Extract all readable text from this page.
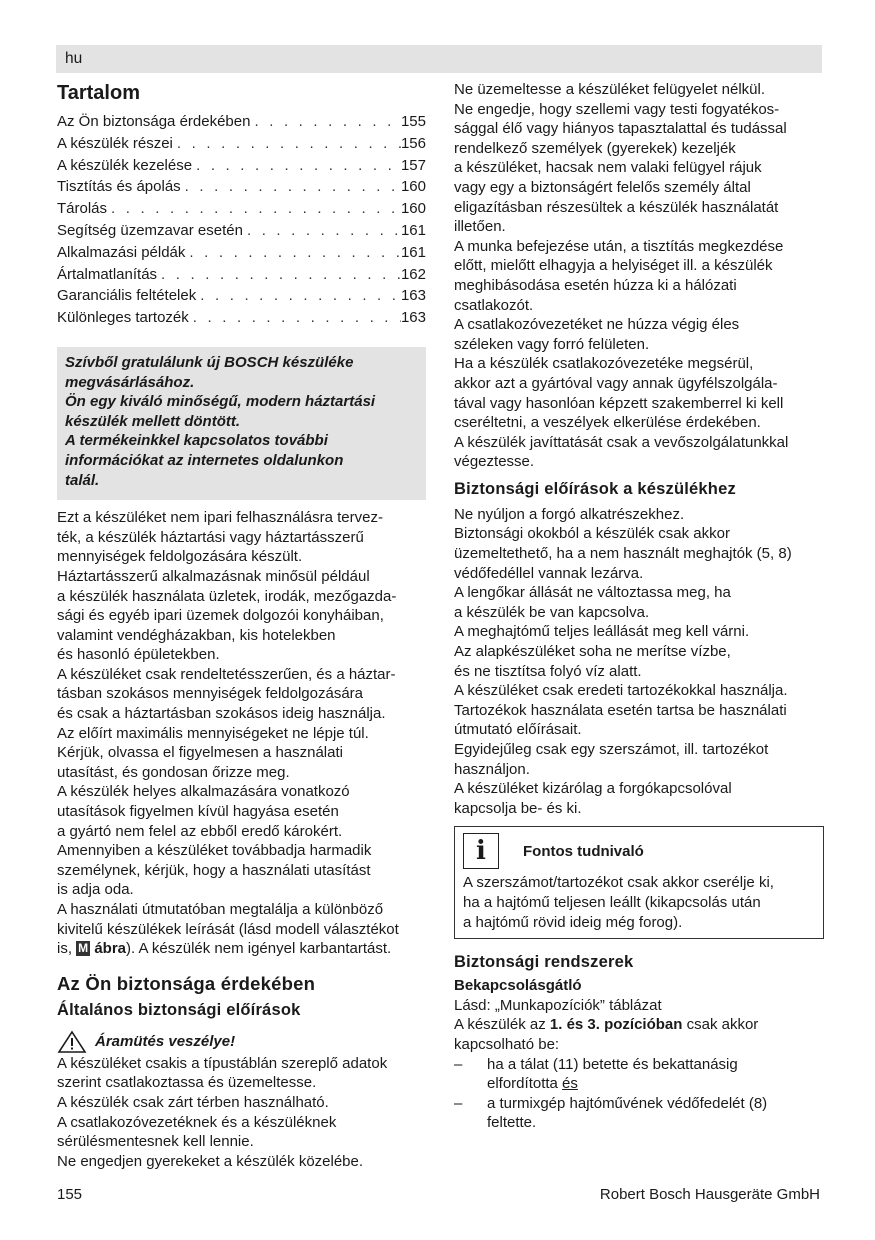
hu
Tartalom
Az Ön biztonsága érdekében . . .	155
A készülék részei . . .	156
A készülék kezelése . . .	157
Tisztítás és ápolás . . .	160
Tárolás . . .	160
Segítség üzemzavar esetén . . .	161
Alkalmazási példák . . .	161
Ártalmatlanítás . . .	162
Garanciális feltételek . . .	163
Különleges tartozék . . .	163
Szívből gratulálunk új BOSCH készüléke
megvásárlásához.
Ön egy kiváló minőségű, modern háztartási
készülék mellett döntött.
A termékeinkkel kapcsolatos további
információkat az internetes oldalunkon
talál.
Ezt a készüléket nem ipari felhasználásra tervez-
ték, a készülék háztartási vagy háztartásszerű
mennyiségek feldolgozására készült.
Háztartásszerű alkalmazásnak minősül például
a készülék használata üzletek, irodák, mezőgazda-
sági és egyéb ipari üzemek dolgozói konyháiban,
valamint vendégházakban, kis hotelekben
és hasonló épületekben.
A készüléket csak rendeltetésszerűen, és a háztar-
tásban szokásos mennyiségek feldolgozására
és csak a háztartásban szokásos ideig használja.
Az előírt maximális mennyiségeket ne lépje túl.
Kérjük, olvassa el figyelmesen a használati
utasítást, és gondosan őrizze meg.
A készülék helyes alkalmazására vonatkozó
utasítások figyelmen kívül hagyása esetén
a gyártó nem felel az ebből eredő károkért.
Amennyiben a készüléket továbbadja harmadik
személynek, kérjük, hogy a használati utasítást
is adja oda.
A használati útmutatóban megtalálja a különböző
kivitelű készülékek leírását (lásd modell választékot

is, M ábra). A készülék nem igényel karbantartást.

Az Ön biztonsága érdekében
Általános biztonsági előírások
Áramütés veszélye!
A készüléket csakis a típustáblán szereplő adatok
szerint csatlakoztassa és üzemeltesse.
A készülék csak zárt térben használható.
A csatlakozóvezetéknek és a készüléknek
sérülésmentesnek kell lennie.
Ne engedjen gyerekeket a készülék közelébe.
Ne üzemeltesse a készüléket felügyelet nélkül.
Ne engedje, hogy szellemi vagy testi fogyatékos-
sággal élő vagy hiányos tapasztalattal és tudással
rendelkező személyek (gyerekek) kezeljék
a készüléket, hacsak nem valaki felügyel rájuk
vagy egy a biztonságért felelős személy által
eligazításban részesültek a készülék használatát
illetően.
A munka befejezése után, a tisztítás megkezdése
előtt, mielőtt elhagyja a helyiséget ill. a készülék
meghibásodása esetén húzza ki a hálózati
csatlakozót.
A csatlakozóvezetéket ne húzza végig éles
széleken vagy forró felületen.
Ha a készülék csatlakozóvezetéke megsérül,
akkor azt a gyártóval vagy annak ügyfélszolgála-
tával vagy hasonlóan képzett szakemberrel ki kell
cseréltetni, a veszélyek elkerülése érdekében.
A készülék javíttatását csak a vevőszolgálatunkkal
végeztesse.
Biztonsági előírások a készülékhez
Ne nyúljon a forgó alkatrészekhez.
Biztonsági okokból a készülék csak akkor
üzemeltethető, ha a nem használt meghajtók (5, 8)
védőfedéllel vannak lezárva.
A lengőkar állását ne változtassa meg, ha
a készülék be van kapcsolva.
A meghajtómű teljes leállását meg kell várni.
Az alapkészüléket soha ne merítse vízbe,
és ne tisztítsa folyó víz alatt.
A készüléket csak eredeti tartozékokkal használja.
Tartozékok használata esetén tartsa be használati
útmutató előírásait.
Egyidejűleg csak egy szerszámot, ill. tartozékot
használjon.
A készüléket kizárólag a forgókapcsolóval
kapcsolja be- és ki.
i	Fontos tudnivaló
A szerszámot/tartozékot csak akkor cserélje ki,
ha a hajtómű teljesen leállt (kikapcsolás után
a hajtómű rövid ideig még forog).
Biztonsági rendszerek
Bekapcsolásgátló

Lásd: „Munkapozíciók” táblázat

A készülék az 1. és 3. pozícióban csak akkor

kapcsolható be:

–	ha a tálat (11) betette és bekattanásig
elfordította és
–	a turmixgép hajtóművének védőfedelét (8)
feltette.
155	Robert Bosch Hausgeräte GmbH
